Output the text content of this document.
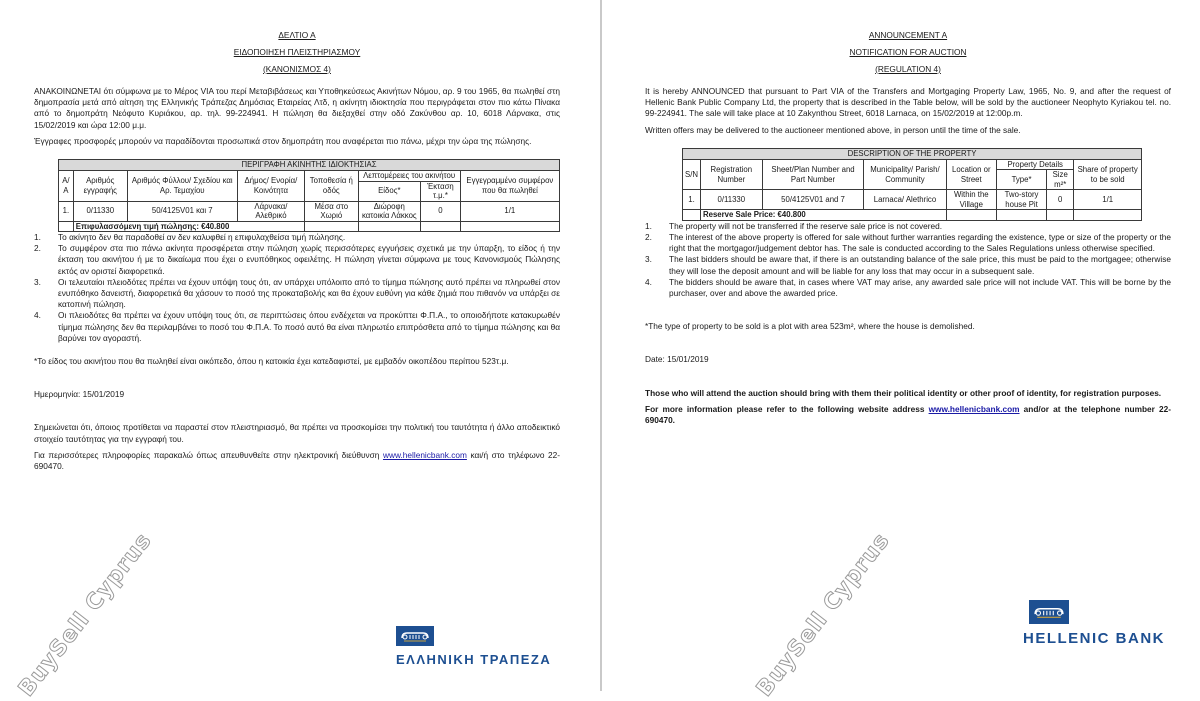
ΔΕΛΤΙΟ Α
ΕΙΔΟΠΟΙΗΣΗ ΠΛΕΙΣΤΗΡΙΑΣΜΟΥ
(ΚΑΝΟΝΙΣΜΟΣ 4)

ΑΝΑΚΟΙΝΩΝΕΤΑΙ ότι σύμφωνα με το Μέρος VIA του περί Μεταβιβάσεως και Υποθηκεύσεως Ακινήτων Νόμου, αρ. 9 του 1965, θα πωληθεί στη δημοπρασία μετά από αίτηση της Ελληνικής Τράπεζας Δημόσιας Εταιρείας Λτδ, η ακίνητη ιδιοκτησία που περιγράφεται στον πιο κάτω Πίνακα από το δημοπράτη Νεόφυτο Κυριάκου, αρ. τηλ. 99-224941. Η πώληση θα διεξαχθεί στην οδό Ζακύνθου αρ. 10, 6018 Λάρνακα, στις 15/02/2019 και ώρα 12:00 μ.μ.

Έγγραφες προσφορές μπορούν να παραδίδονται προσωπικά στον δημοπράτη που αναφέρεται πιο πάνω, μέχρι την ώρα της πώλησης.

ΠΕΡΙΓΡΑΦΗ ΑΚΙΝΗΤΗΣ ΙΔΙΟΚΤΗΣΙΑΣ							
Α/Α	Αριθμός εγγραφής	Αριθμός Φύλλου/ Σχεδίου και Αρ. Τεμαχίου	Δήμος/ Ενορία/ Κοινότητα	Τοποθεσία ή οδός	Λεπτομέρειες του ακινήτου		Εγγεγραμμένο συμφέρον που θα πωληθεί
					Είδος*	Έκταση τ.μ.*	
1.	0/11330	50/4125V01 και 7	Λάρνακα/ Αλεθρικό	Μέσα στο Χωριό	Διώροφη κατοικία Λάκκος	0	1/1
	Επιφυλασσόμενη τιμή πώλησης: €40.800						
1. Το ακίνητο δεν θα παραδοθεί αν δεν καλυφθεί η επιφυλαχθείσα τιμή πώλησης.
2. Το συμφέρον στα πιο πάνω ακίνητα προσφέρεται στην πώληση χωρίς περισσότερες εγγυήσεις σχετικά με την ύπαρξη, το είδος ή την έκταση του ακινήτου ή με το δικαίωμα που έχει ο ενυπόθηκος οφειλέτης. Η πώληση γίνεται σύμφωνα με τους Κανονισμούς Πώλησης εκτός αν οριστεί διαφορετικά.
3. Οι τελευταίοι πλειοδότες πρέπει να έχουν υπόψη τους ότι, αν υπάρχει υπόλοιπο από το τίμημα πώλησης αυτό πρέπει να πληρωθεί στον ενυπόθηκο δανειστή, διαφορετικά θα χάσουν το ποσό της προκαταβολής και θα έχουν ευθύνη για κάθε ζημιά που πιθανόν να υπάρξει σε κατοπινή πώληση.
4. Οι πλειοδότες θα πρέπει να έχουν υπόψη τους ότι, σε περιπτώσεις όπου ενδέχεται να προκύπτει Φ.Π.Α., το οποιοδήποτε κατακυρωθέν τίμημα πώλησης δεν θα περιλαμβάνει το ποσό του Φ.Π.Α. Το ποσό αυτό θα είναι πληρωτέο επιπρόσθετα από το τίμημα πώλησης και θα βαρύνει τον αγοραστή.

*Το είδος του ακινήτου που θα πωληθεί είναι οικόπεδο, όπου η κατοικία έχει κατεδαφιστεί, με εμβαδόν οικοπέδου περίπου 523τ.μ.

Ημερομηνία: 15/01/2019

Σημειώνεται ότι, όποιος προτίθεται να παραστεί στον πλειστηριασμό, θα πρέπει να προσκομίσει την πολιτική του ταυτότητα ή άλλο αποδεικτικό στοιχείο ταυτότητας για την εγγραφή του.

Για περισσότερες πληροφορίες παρακαλώ όπως απευθυνθείτε στην ηλεκτρονική διεύθυνση www.hellenicbank.com και/ή στο τηλέφωνο 22-690470.

ΕΛΛΗΝΙΚΗ ΤΡΑΠΕΖΑ
BuySell Cyprus
ANNOUNCEMENT A
NOTIFICATION FOR AUCTION
(REGULATION 4)

It is hereby ANNOUNCED that pursuant to Part VIA of the Transfers and Mortgaging Property Law, 1965, No. 9, and after the request of Hellenic Bank Public Company Ltd, the property that is described in the Table below, will be sold by the auctioneer Neophyto Kyriakou tel. no. 99-224941. The sale will take place at 10 Zakynthou Street, 6018 Larnaca, on 15/02/2019 at 12:00p.m.

Written offers may be delivered to the auctioneer mentioned above, in person until the time of the sale.

DESCRIPTION OF THE PROPERTY							
S/N	Registration Number	Sheet/Plan Number and Part Number	Municipality/ Parish/ Community	Location or Street	Property Details		Share of property to be sold
					Type*	Size m²*	
1.	0/11330	50/4125V01 and 7	Larnaca/ Alethrico	Within the Village	Two-story house Pit	0	1/1
	Reserve Sale Price: €40.800						
1. The property will not be transferred if the reserve sale price is not covered.
2. The interest of the above property is offered for sale without further warranties regarding the existence, type or size of the property or the right that the mortgagor/judgement debtor has. The sale is conducted according to the Sales Regulations unless otherwise specified.
3. The last bidders should be aware that, if there is an outstanding balance of the sale price, this must be paid to the mortgagee; otherwise they will lose the deposit amount and will be liable for any loss that may occur in a subsequent sale.
4. The bidders should be aware that, in cases where VAT may arise, any awarded sale price will not include VAT. This will be borne by the purchaser, over and above the awarded price.

*The type of property to be sold is a plot with area 523m², where the house is demolished.

Date: 15/01/2019

Those who will attend the auction should bring with them their political identity or other proof of identity, for registration purposes.

For more information please refer to the following website address www.hellenicbank.com and/or at the telephone number 22-690470.

HELLENIC BANK
BuySell Cyprus
